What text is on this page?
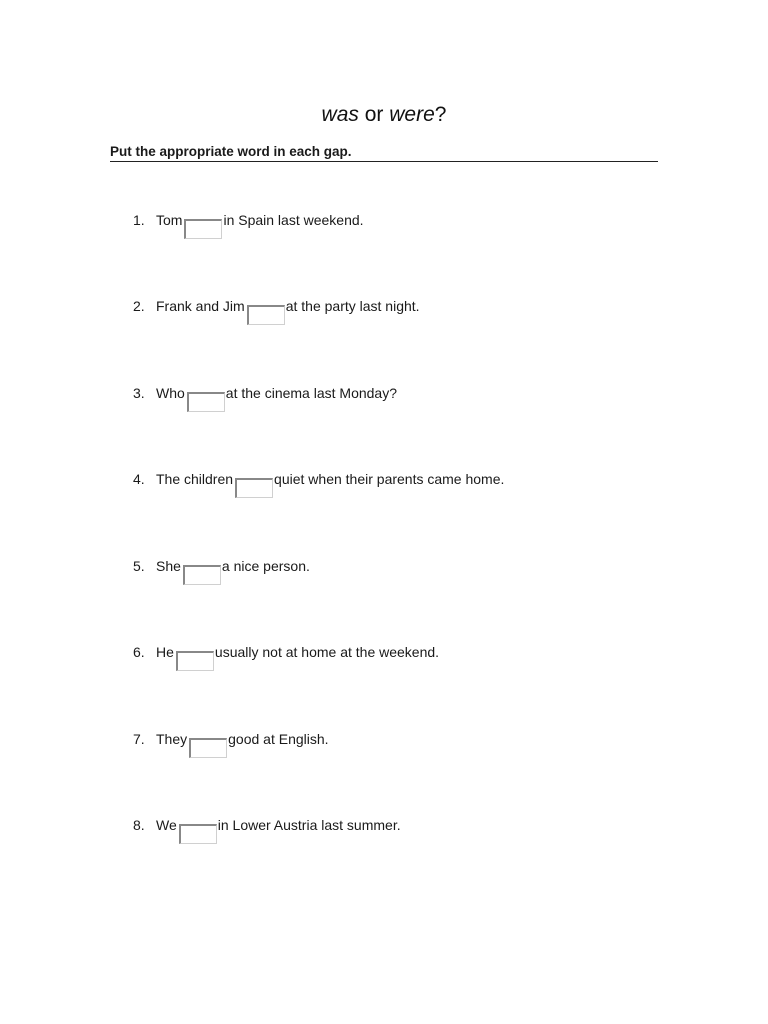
was or were?
Put the appropriate word in each gap.
1. Tom	in Spain last weekend.
2. Frank and Jim	at the party last night.
3. Who	at the cinema last Monday?
4. The children	quiet when their parents came home.
5. She	a nice person.
6. He	usually not at home at the weekend.
7. They	good at English.
8. We	in Lower Austria last summer.
